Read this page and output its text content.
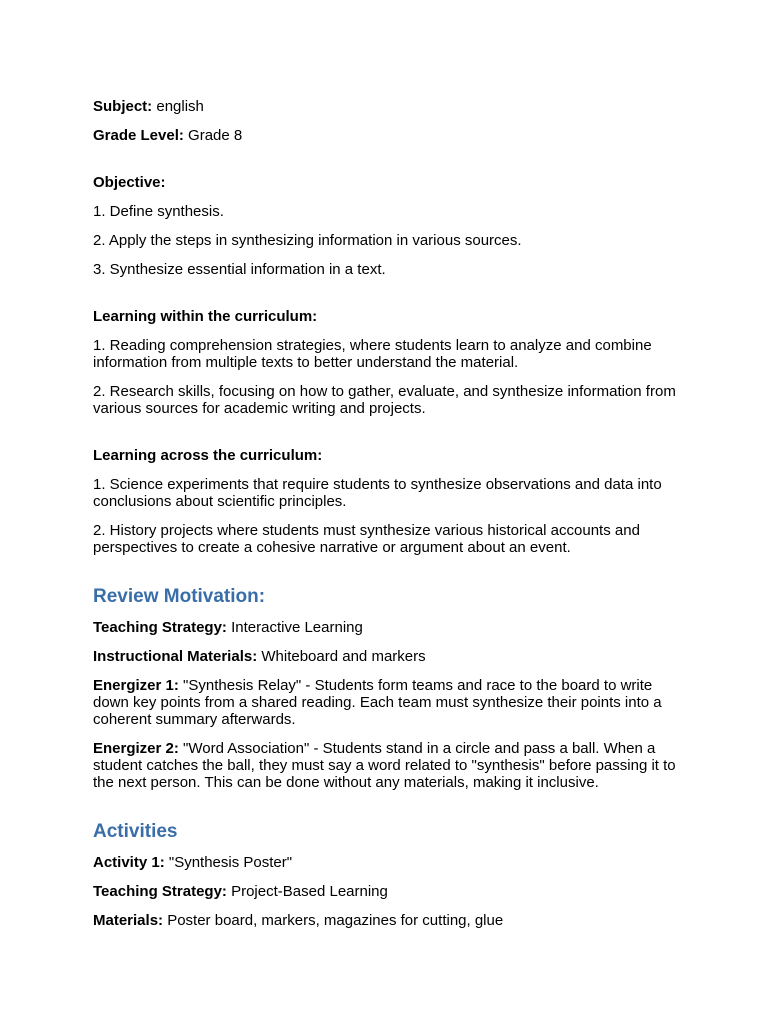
Subject: english

Grade Level: Grade 8

Objective:

1. Define synthesis.

2. Apply the steps in synthesizing information in various sources.

3. Synthesize essential information in a text.

Learning within the curriculum:

1. Reading comprehension strategies, where students learn to analyze and combine information from multiple texts to better understand the material.

2. Research skills, focusing on how to gather, evaluate, and synthesize information from various sources for academic writing and projects.

Learning across the curriculum:

1. Science experiments that require students to synthesize observations and data into conclusions about scientific principles.

2. History projects where students must synthesize various historical accounts and perspectives to create a cohesive narrative or argument about an event.

Review Motivation:

Teaching Strategy: Interactive Learning

Instructional Materials: Whiteboard and markers

Energizer 1: "Synthesis Relay" - Students form teams and race to the board to write down key points from a shared reading. Each team must synthesize their points into a coherent summary afterwards.

Energizer 2: "Word Association" - Students stand in a circle and pass a ball. When a student catches the ball, they must say a word related to "synthesis" before passing it to the next person. This can be done without any materials, making it inclusive.

Activities

Activity 1: "Synthesis Poster"

Teaching Strategy: Project-Based Learning

Materials: Poster board, markers, magazines for cutting, glue
